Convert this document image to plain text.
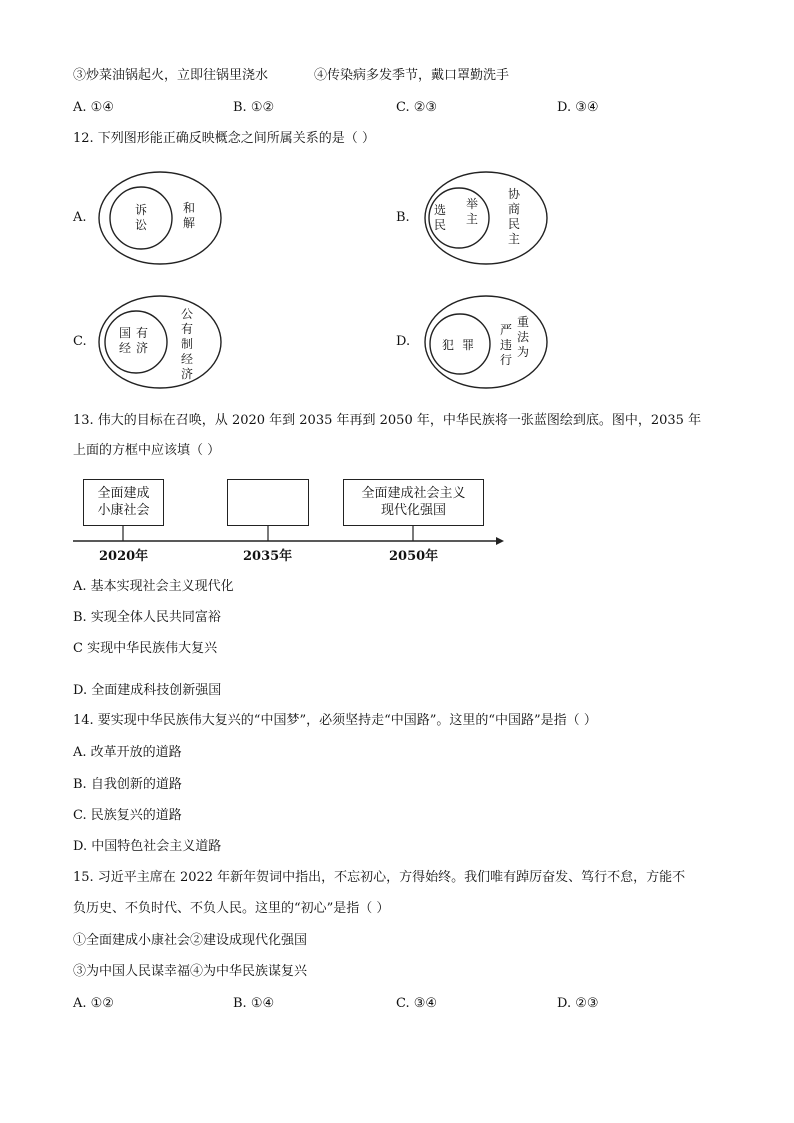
③炒菜油锅起火，立即往锅里浇水	④传染病多发季节，戴口罩勤洗手
A. ①④	B. ①②	C. ②③	D. ③④
12. 下列图形能正确反映概念之间所属关系的是（ ）
A.	B.
C.	D.
诉
讼
和
解
选
民
举
主
协
商
民
主
国
经
有
济
公
有
制
经
济
犯 罪
严
违
行
重
法
为
13. 伟大的目标在召唤，从 2020 年到 2035 年再到 2050 年，中华民族将一张蓝图绘到底。图中，2035 年
上面的方框中应该填（ ）
全面建成
小康社会
全面建成社会主义
现代化强国
2020年	2035年	2050年
A. 基本实现社会主义现代化
B. 实现全体人民共同富裕
C 实现中华民族伟大复兴
D. 全面建成科技创新强国
14. 要实现中华民族伟大复兴的“中国梦”，必须坚持走“中国路”。这里的“中国路”是指（ ）
A. 改革开放的道路
B. 自我创新的道路
C. 民族复兴的道路
D. 中国特色社会主义道路
15. 习近平主席在 2022 年新年贺词中指出，不忘初心，方得始终。我们唯有踔厉奋发、笃行不怠，方能不
负历史、不负时代、不负人民。这里的“初心”是指（ ）
①全面建成小康社会②建设成现代化强国
③为中国人民谋幸福④为中华民族谋复兴
A. ①②	B. ①④	C. ③④	D. ②③
